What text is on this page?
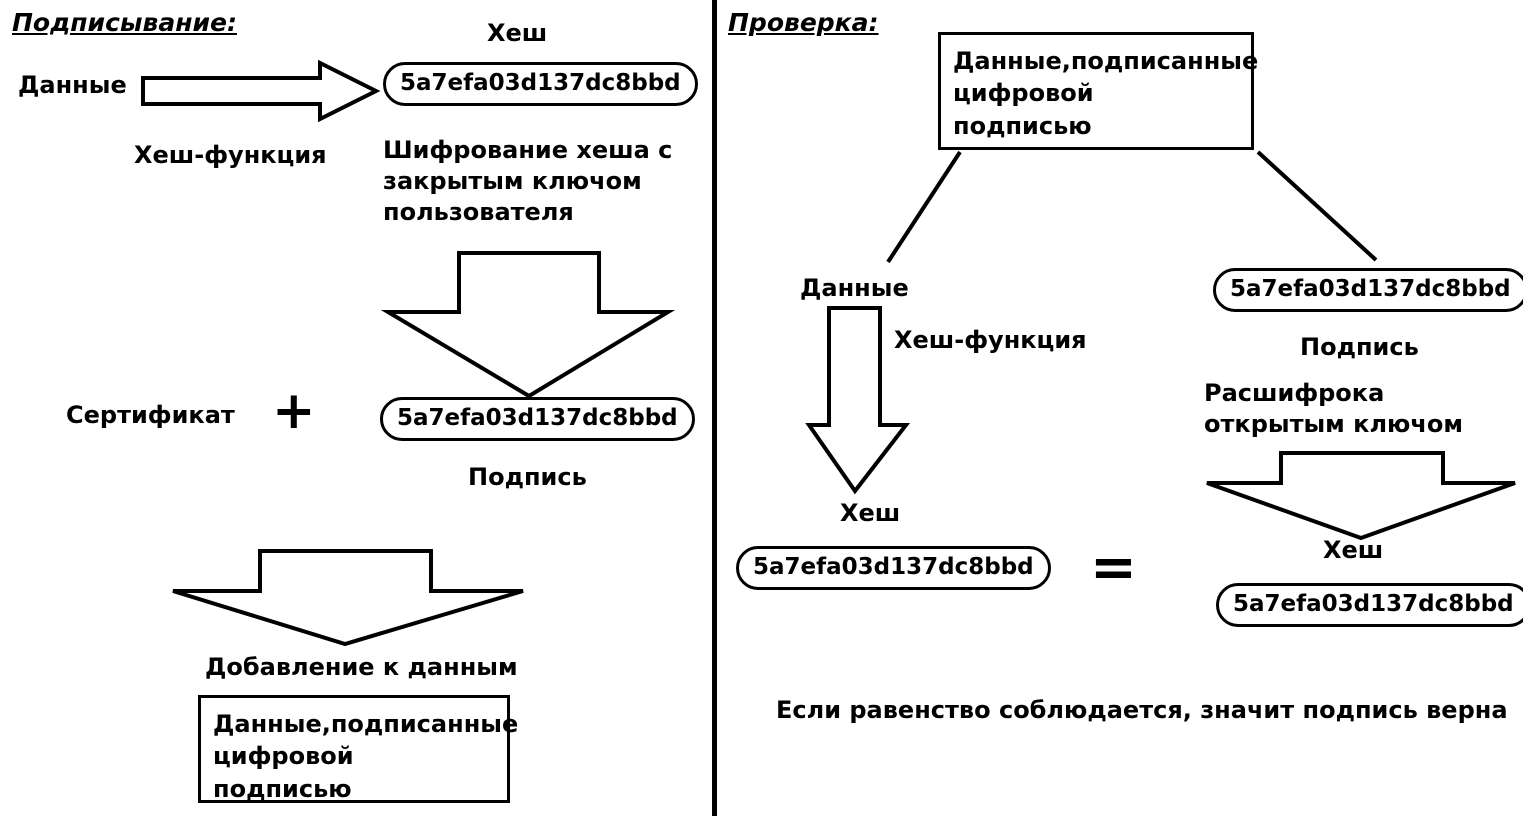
Подписывание:
Данные
Хеш
5a7efa03d137dc8bbd
Хеш-функция Шифрование хеша с закрытым ключом пользователя
Сертификат +	5a7efa03d137dc8bbd
Подпись
Добавление к данным
Данные,подписанные цифровой подписью
Проверка:
Данные,подписанные цифровой подписью
Данные	5a7efa03d137dc8bbd
Подпись
Хеш-функция
Расшифрока открытым ключом
Хеш
5a7efa03d137dc8bbd	=	Хеш
5a7efa03d137dc8bbd
Если равенство соблюдается, значит подпись верна
